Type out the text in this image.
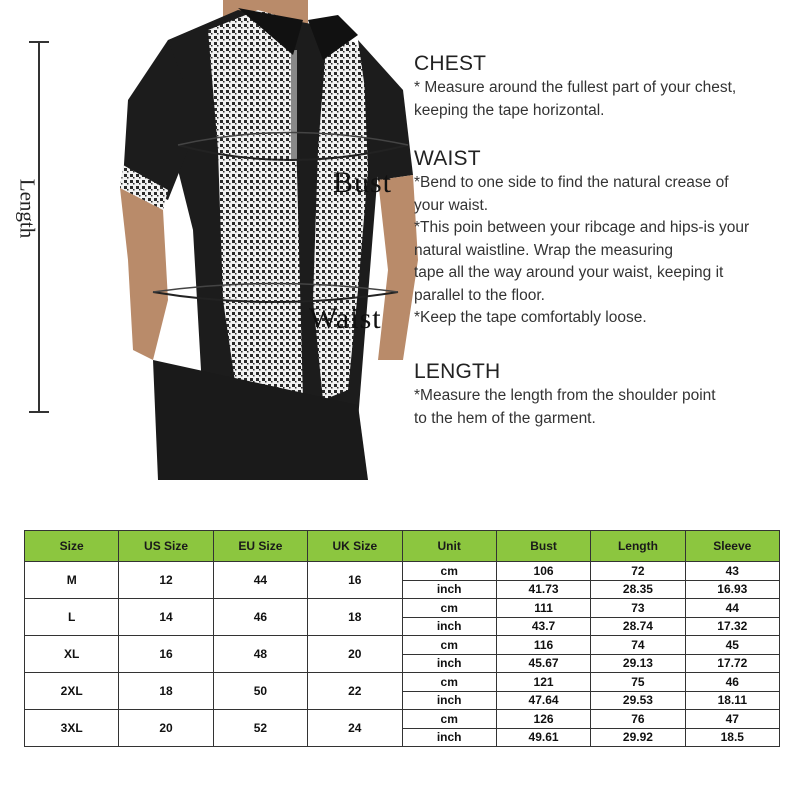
Length	Bust
Waist

CHEST

* Measure around the fullest part of your chest,

keeping the tape horizontal.

WAIST

*Bend to one side to find the natural crease of

your waist.

*This poin between your ribcage and hips-is your

natural waistline. Wrap the measuring

tape all the way around your waist, keeping it

parallel to the floor.

*Keep the tape comfortably loose.

LENGTH

*Measure the length from the shoulder point

to the hem of the garment.

Size	US Size	EU Size	UK Size	Unit	Bust	Length	Sleeve
M	12	44	16	cm	106	72	43
				inch	41.73	28.35	16.93
L	14	46	18	cm	111	73	44
				inch	43.7	28.74	17.32
XL	16	48	20	cm	116	74	45
				inch	45.67	29.13	17.72
2XL	18	50	22	cm	121	75	46
				inch	47.64	29.53	18.11
3XL	20	52	24	cm	126	76	47
				inch	49.61	29.92	18.5
